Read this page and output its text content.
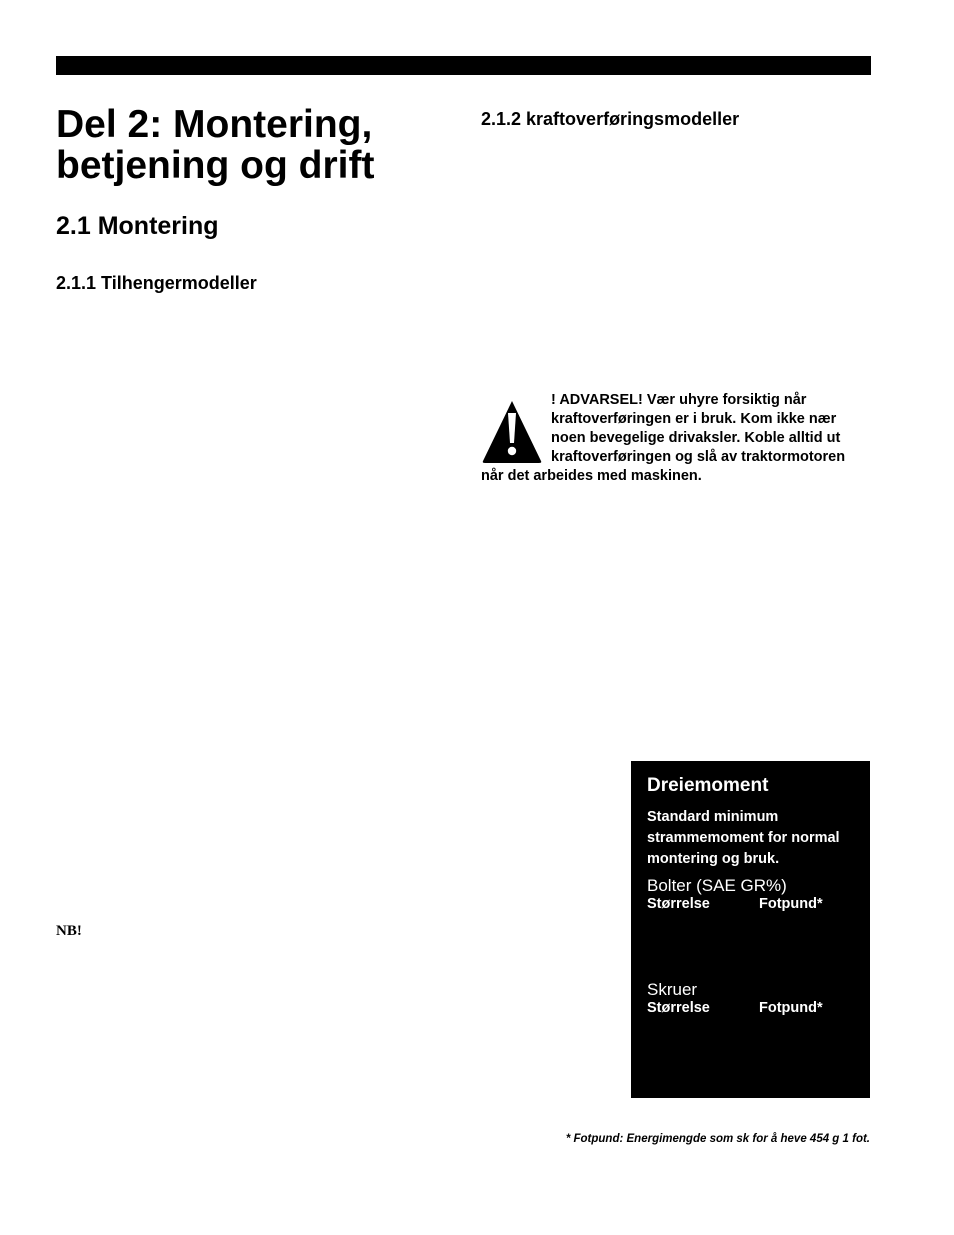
Del 2: Montering, betjening og drift
2.1 Montering
2.1.1 Tilhengermodeller
2.1.2 kraftoverføringsmodeller
! ADVARSEL! Vær uhyre forsiktig når kraftoverføringen er i bruk. Kom ikke nær noen bevegelige drivaksler. Koble alltid ut kraftoverføringen og slå av traktormotoren når det arbeides med maskinen.
NB!
Dreiemoment
Standard minimum strammemoment for normal montering og bruk.
Bolter (SAE GR%)
Størrelse	Fotpund*
Skruer
Størrelse	Fotpund*
* Fotpund: Energimengde som sk for å heve 454 g 1 fot.
